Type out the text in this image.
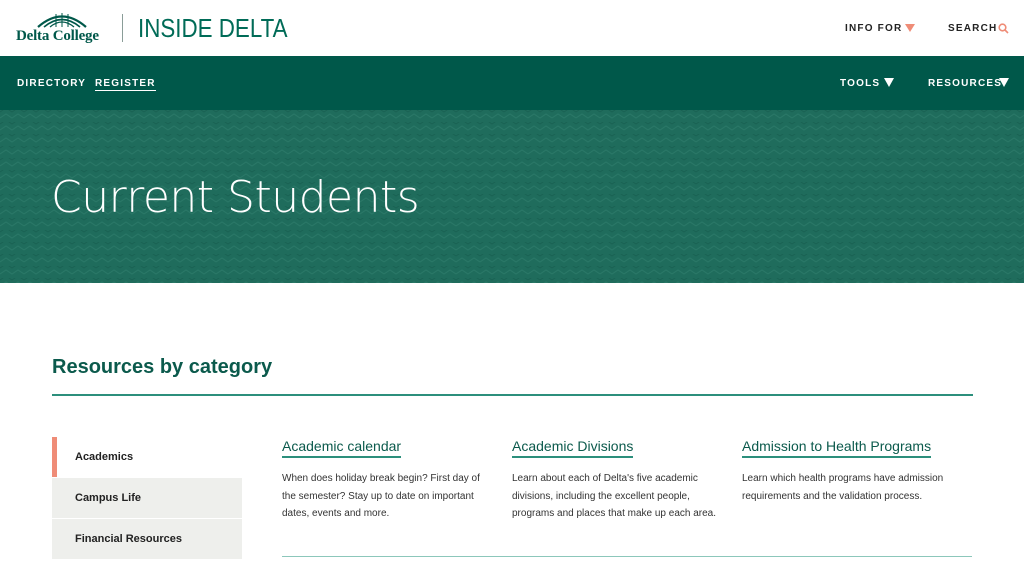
Delta College INSIDE DELTA	INFO FOR	SEARCH
DIRECTORY REGISTER	TOOLS	RESOURCES
Current Students
Resources by category
Academics
Campus Life
Financial Resources
Academic calendar

When does holiday break begin? First day of the semester? Stay up to date on important dates, events and more.

Academic Divisions

Learn about each of Delta's five academic divisions, including the excellent people, programs and places that make up each area.

Admission to Health Programs

Learn which health programs have admission requirements and the validation process.
